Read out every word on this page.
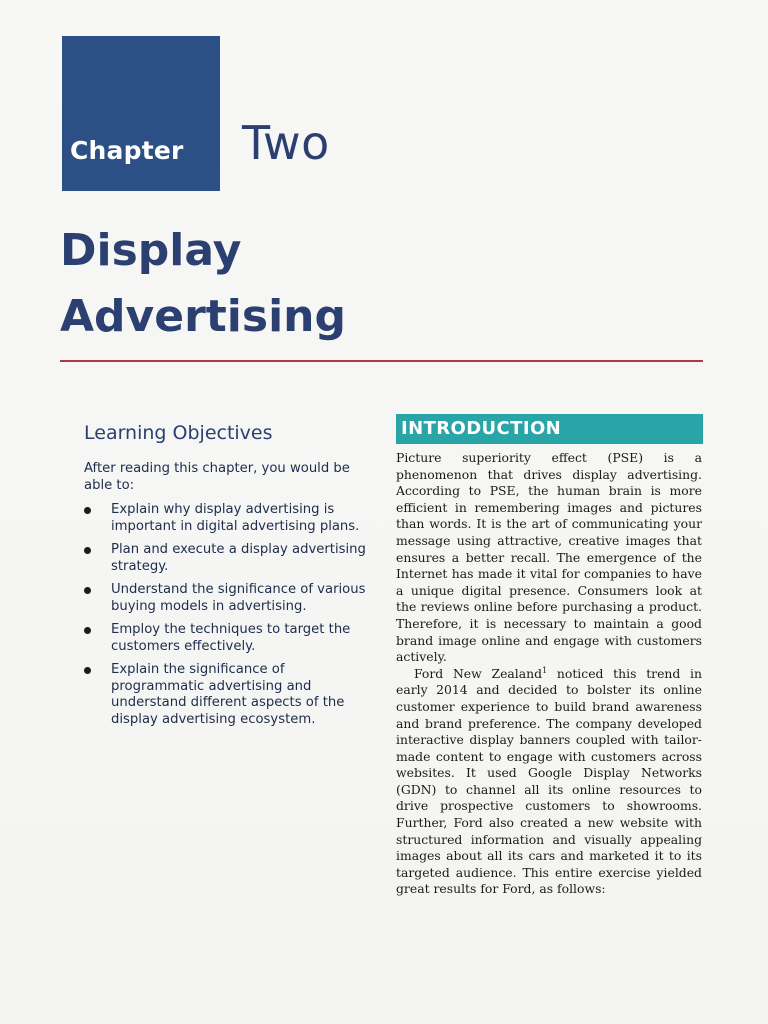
Chapter Two
Display
Advertising
Learning Objectives
After reading this chapter, you would be able to:
Explain why display advertising is important in digital advertising plans.
Plan and execute a display advertising strategy.
Understand the significance of various buying models in advertising.
Employ the techniques to target the customers effectively.
Explain the significance of programmatic advertising and understand different aspects of the display advertising ecosystem.
INTRODUCTION

Picture superiority effect (PSE) is a phenomenon that drives display advertising. According to PSE, the human brain is more efficient in remembering images and pictures than words. It is the art of communicating your message using attractive, creative images that ensures a better recall. The emergence of the Internet has made it vital for companies to have a unique digital presence. Consumers look at the reviews online before purchasing a product. Therefore, it is necessary to maintain a good brand image online and engage with customers actively.

Ford New Zealand$^1$ noticed this trend in early 2014 and decided to bolster its online customer experience to build brand awareness and brand preference. The company developed interactive display banners coupled with tailor-made content to engage with customers across websites. It used Google Display Networks (GDN) to channel all its online resources to drive prospective customers to showrooms. Further, Ford also created a new website with structured information and visually appealing images about all its cars and marketed it to its targeted audience. This entire exercise yielded great results for Ford, as follows:
